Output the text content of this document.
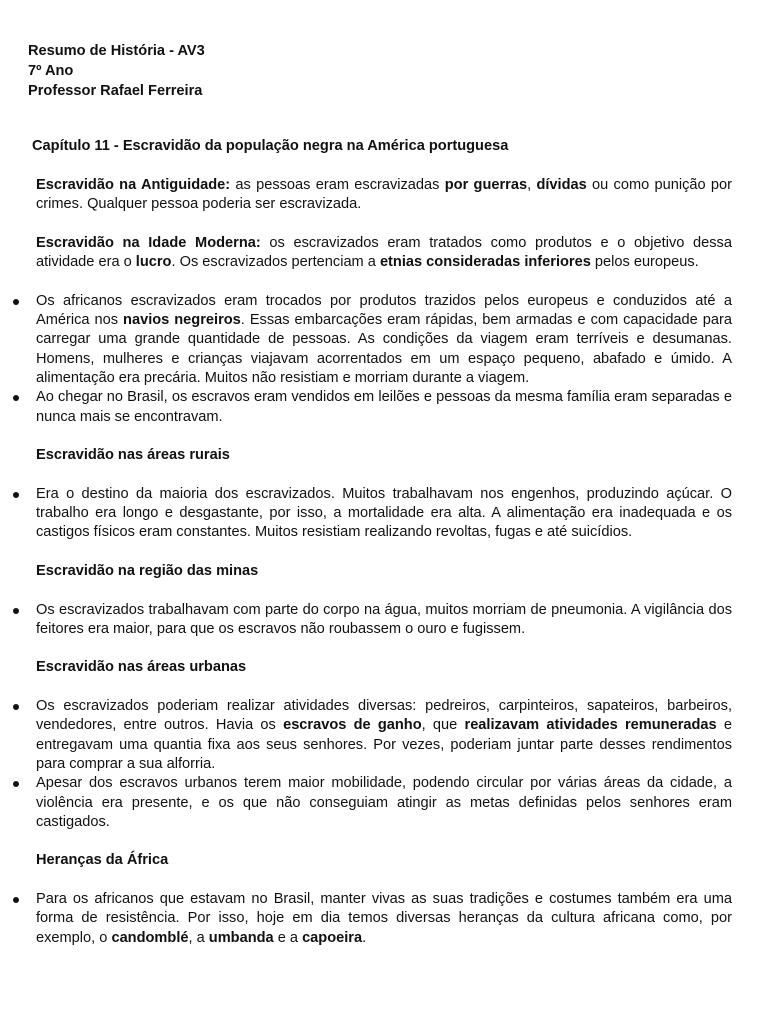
Resumo de História - AV3
7º Ano
Professor Rafael Ferreira
Capítulo 11 - Escravidão da população negra na América portuguesa

Escravidão na Antiguidade: as pessoas eram escravizadas por guerras, dívidas ou como punição por crimes. Qualquer pessoa poderia ser escravizada.

Escravidão na Idade Moderna: os escravizados eram tratados como produtos e o objetivo dessa atividade era o lucro. Os escravizados pertenciam a etnias consideradas inferiores pelos europeus.

Os africanos escravizados eram trocados por produtos trazidos pelos europeus e conduzidos até a América nos navios negreiros. Essas embarcações eram rápidas, bem armadas e com capacidade para carregar uma grande quantidade de pessoas. As condições da viagem eram terríveis e desumanas. Homens, mulheres e crianças viajavam acorrentados em um espaço pequeno, abafado e úmido. A alimentação era precária. Muitos não resistiam e morriam durante a viagem.
Ao chegar no Brasil, os escravos eram vendidos em leilões e pessoas da mesma família eram separadas e nunca mais se encontravam.
Escravidão nas áreas rurais
Era o destino da maioria dos escravizados. Muitos trabalhavam nos engenhos, produzindo açúcar. O trabalho era longo e desgastante, por isso, a mortalidade era alta. A alimentação era inadequada e os castigos físicos eram constantes. Muitos resistiam realizando revoltas, fugas e até suicídios.
Escravidão na região das minas
Os escravizados trabalhavam com parte do corpo na água, muitos morriam de pneumonia. A vigilância dos feitores era maior, para que os escravos não roubassem o ouro e fugissem.
Escravidão nas áreas urbanas
Os escravizados poderiam realizar atividades diversas: pedreiros, carpinteiros, sapateiros, barbeiros, vendedores, entre outros. Havia os escravos de ganho, que realizavam atividades remuneradas e entregavam uma quantia fixa aos seus senhores. Por vezes, poderiam juntar parte desses rendimentos para comprar a sua alforria.
Apesar dos escravos urbanos terem maior mobilidade, podendo circular por várias áreas da cidade, a violência era presente, e os que não conseguiam atingir as metas definidas pelos senhores eram castigados.
Heranças da África
Para os africanos que estavam no Brasil, manter vivas as suas tradições e costumes também era uma forma de resistência. Por isso, hoje em dia temos diversas heranças da cultura africana como, por exemplo, o candomblé, a umbanda e a capoeira.
